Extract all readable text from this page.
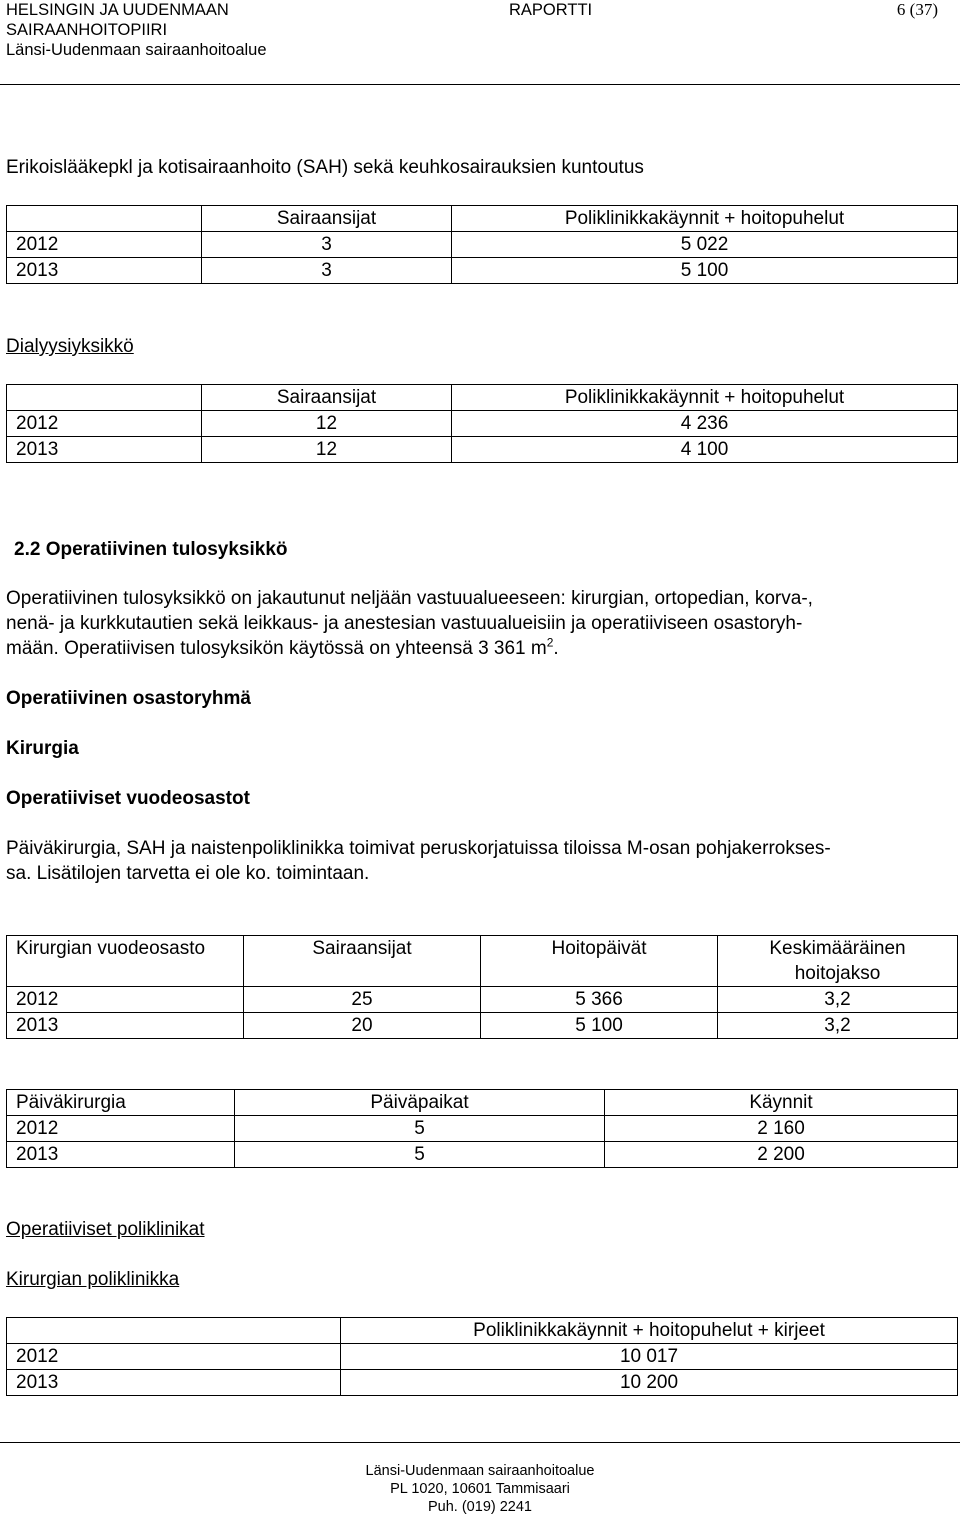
HELSINGIN JA UUDENMAAN
SAIRAANHOITOPIIRI
Länsi-Uudenmaan sairaanhoitoalue
RAPORTTI	6 (37)
Erikoislääkepkl ja kotisairaanhoito (SAH) sekä keuhkosairauksien kuntoutus
	Sairaansijat	Poliklinikkakäynnit + hoitopuhelut
2012	3	5 022
2013	3	5 100
Dialyysiyksikkö
	Sairaansijat	Poliklinikkakäynnit + hoitopuhelut
2012	12	4 236
2013	12	4 100
2.2 Operatiivinen tulosyksikkö
Operatiivinen tulosyksikkö on jakautunut neljään vastuualueeseen: kirurgian, ortopedian, korva-,
nenä- ja kurkkutautien sekä leikkaus- ja anestesian vastuualueisiin ja operatiiviseen osastoryh-
mään. Operatiivisen tulosyksikön käytössä on yhteensä 3 361 $m^2$.
Operatiivinen osastoryhmä
Kirurgia
Operatiiviset vuodeosastot
Päiväkirurgia, SAH ja naistenpoliklinikka toimivat peruskorjatuissa tiloissa M-osan pohjakerrokses-
sa. Lisätilojen tarvetta ei ole ko. toimintaan.
Kirurgian vuodeosasto	Sairaansijat	Hoitopäivät	Keskimääräinen
hoitojakso

2012	25	5 366	3,2
2013	20	5 100	3,2
Päiväkirurgia	Päiväpaikat	Käynnit
2012	5	2 160
2013	5	2 200
Operatiiviset poliklinikat
Kirurgian poliklinikka
	Poliklinikkakäynnit + hoitopuhelut + kirjeet
2012	10 017
2013	10 200
Länsi-Uudenmaan sairaanhoitoalue
PL 1020, 10601 Tammisaari
Puh. (019) 2241
